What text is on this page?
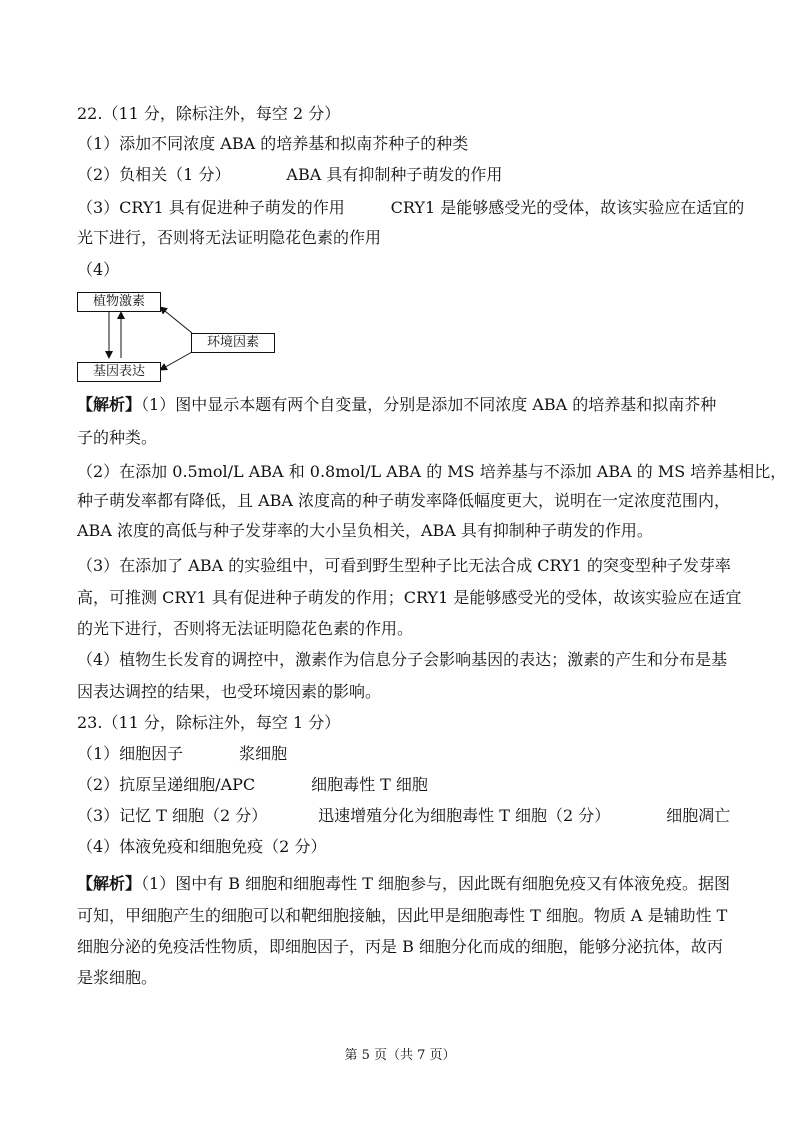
22.（11 分，除标注外，每空 2 分）
（1）添加不同浓度 ABA 的培养基和拟南芥种子的种类
（2）负相关（1 分）           ABA 具有抑制种子萌发的作用
（3）CRY1 具有促进种子萌发的作用         CRY1 是能够感受光的受体，故该实验应在适宜的
光下进行，否则将无法证明隐花色素的作用
（4）
植物激素
环境因素
基因表达
【解析】（1）图中显示本题有两个自变量，分别是添加不同浓度 ABA 的培养基和拟南芥种
子的种类。
（2）在添加 0.5mol/L ABA 和 0.8mol/L ABA 的 MS 培养基与不添加 ABA 的 MS 培养基相比，
种子萌发率都有降低，且 ABA 浓度高的种子萌发率降低幅度更大，说明在一定浓度范围内，
ABA 浓度的高低与种子发芽率的大小呈负相关，ABA 具有抑制种子萌发的作用。
（3）在添加了 ABA 的实验组中，可看到野生型种子比无法合成 CRY1 的突变型种子发芽率
高，可推测 CRY1 具有促进种子萌发的作用；CRY1 是能够感受光的受体，故该实验应在适宜
的光下进行，否则将无法证明隐花色素的作用。
（4）植物生长发育的调控中，激素作为信息分子会影响基因的表达；激素的产生和分布是基
因表达调控的结果，也受环境因素的影响。
23.（11 分，除标注外，每空 1 分）
（1）细胞因子           浆细胞
（2）抗原呈递细胞/APC           细胞毒性 T 细胞
（3）记忆 T 细胞（2 分）          迅速增殖分化为细胞毒性 T 细胞（2 分）           细胞凋亡
（4）体液免疫和细胞免疫（2 分）
【解析】（1）图中有 B 细胞和细胞毒性 T 细胞参与，因此既有细胞免疫又有体液免疫。据图
可知，甲细胞产生的细胞可以和靶细胞接触，因此甲是细胞毒性 T 细胞。物质 A 是辅助性 T
细胞分泌的免疫活性物质，即细胞因子，丙是 B 细胞分化而成的细胞，能够分泌抗体，故丙
是浆细胞。
第 5 页（共 7 页）
